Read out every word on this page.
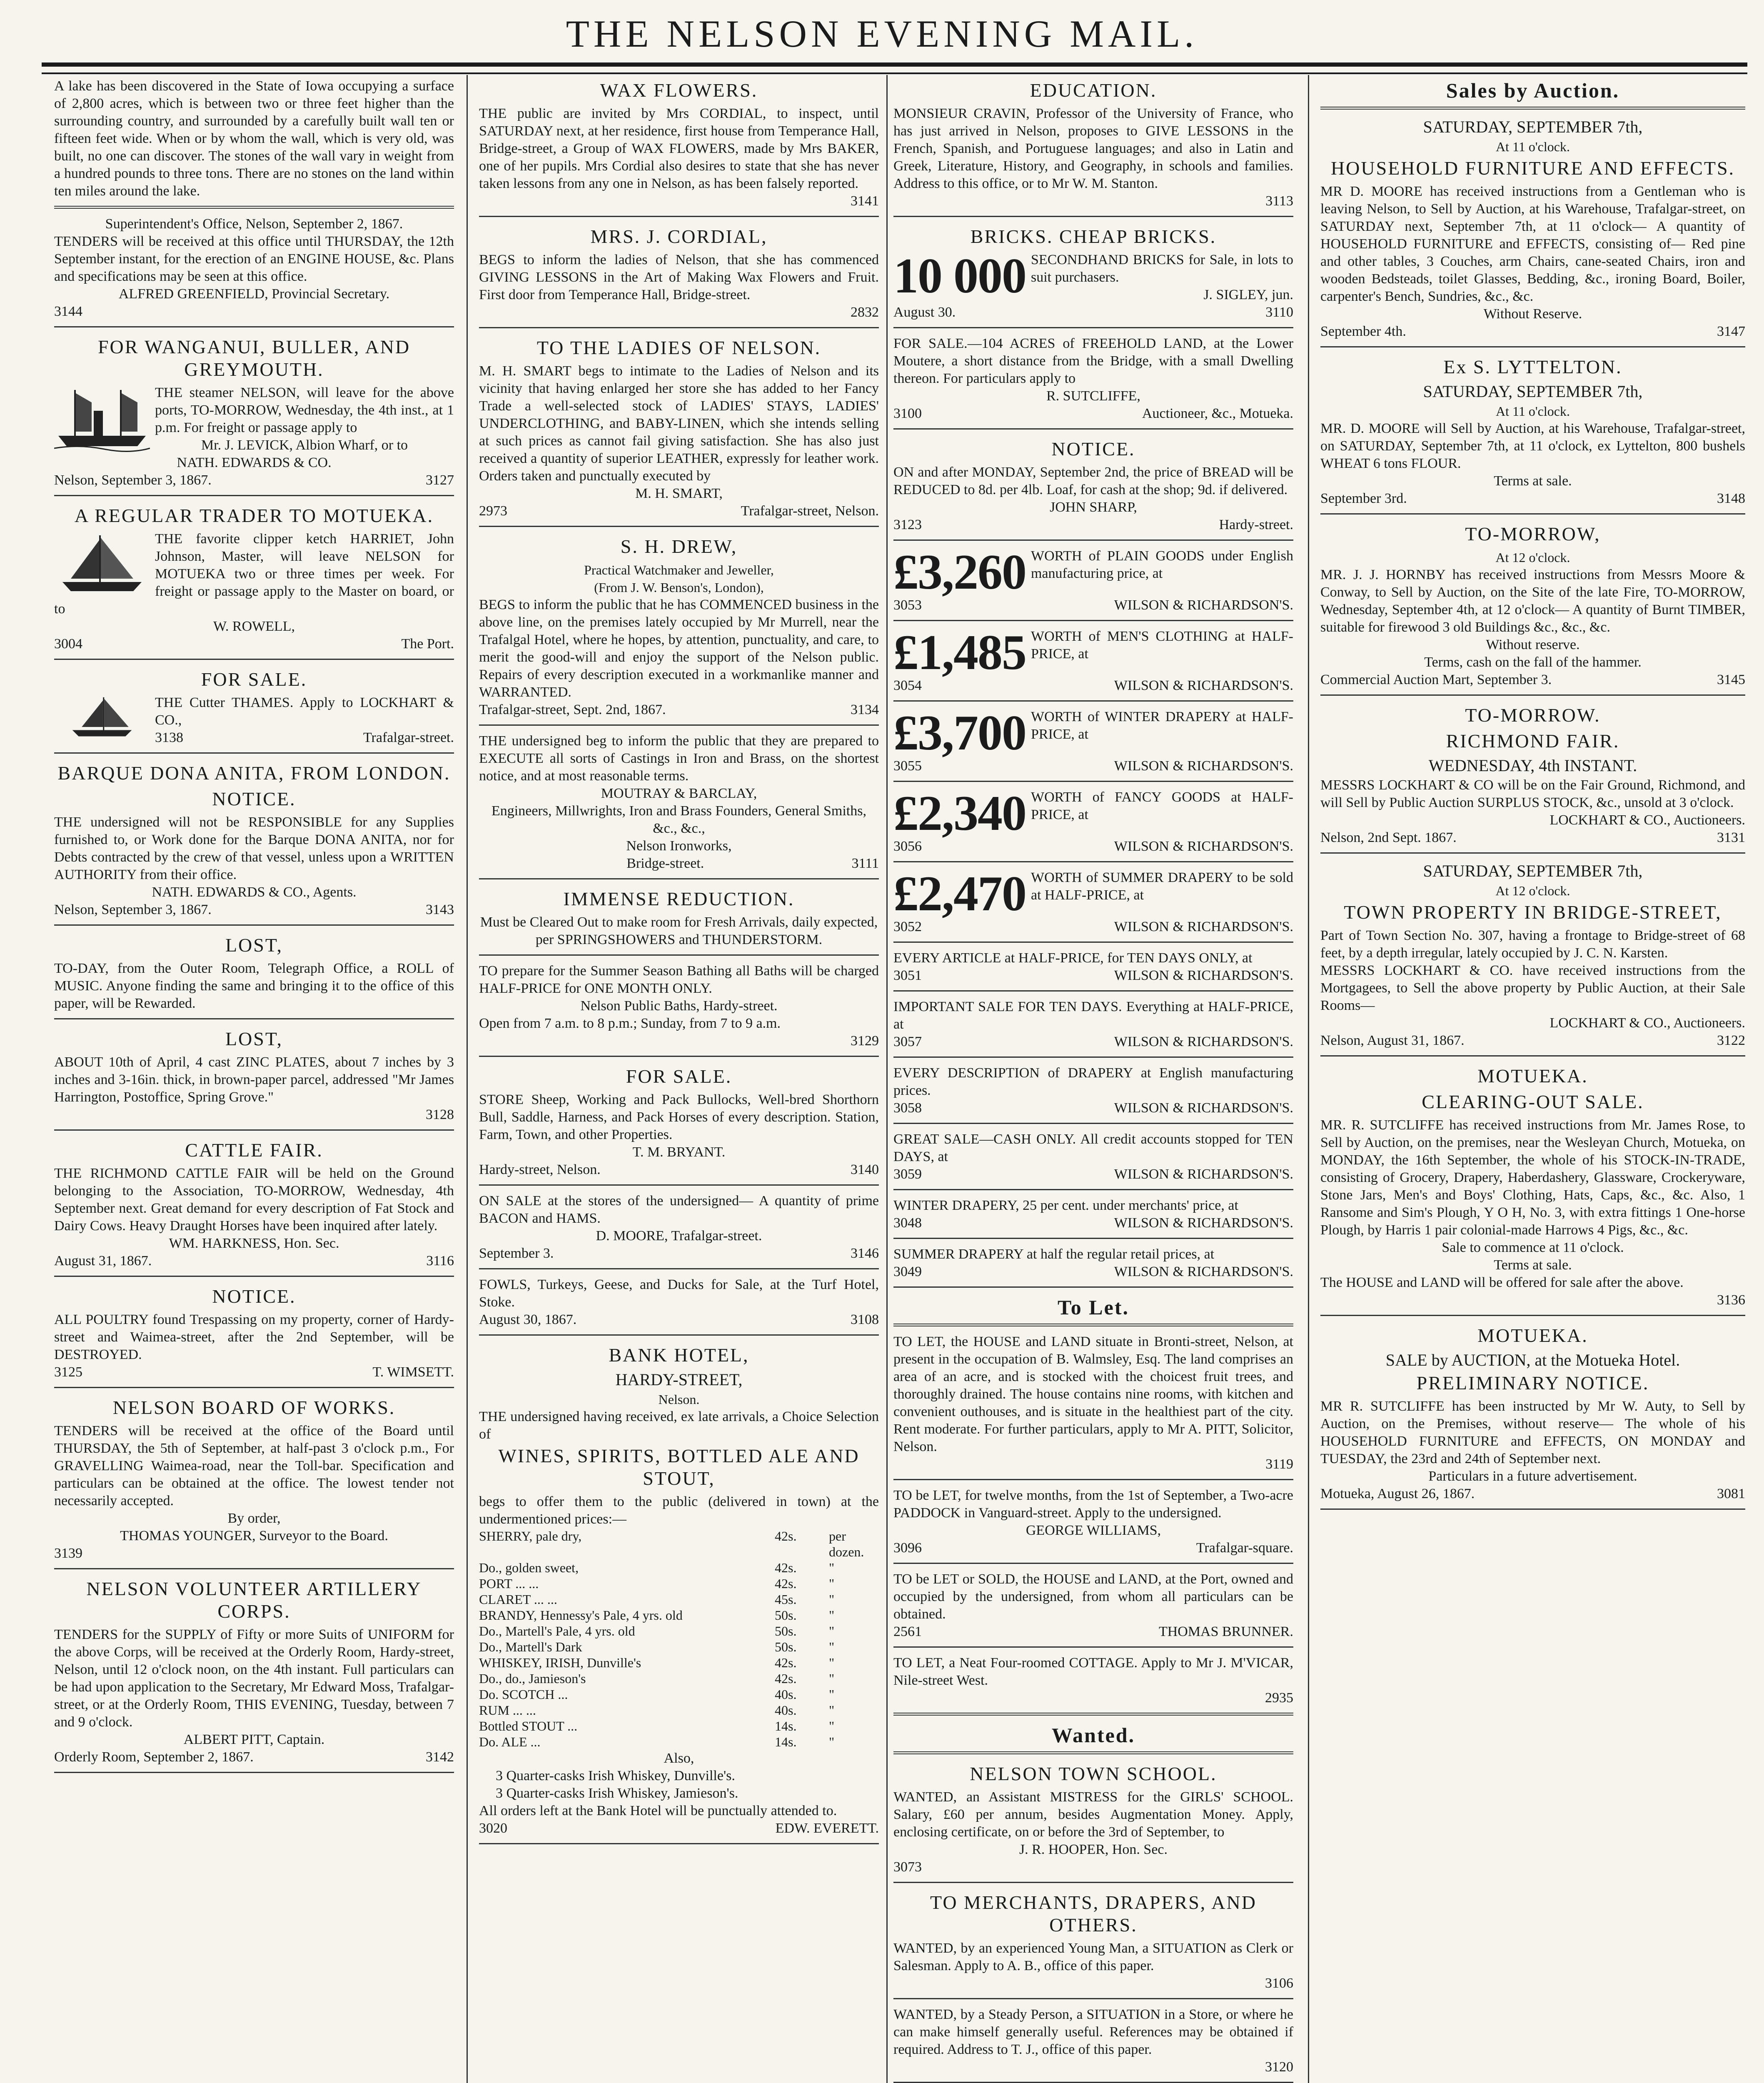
THE NELSON EVENING MAIL.

A lake has been discovered in the State of Iowa occupying a surface of 2,800 acres, which is between two or three feet higher than the surrounding country, and surrounded by a carefully built wall ten or fifteen feet wide. When or by whom the wall, which is very old, was built, no one can discover. The stones of the wall vary in weight from a hundred pounds to three tons. There are no stones on the land within ten miles around the lake.

Superintendent's Office, Nelson, September 2, 1867.

TENDERS will be received at this office until THURSDAY, the 12th September instant, for the erection of an ENGINE HOUSE, &c. Plans and specifications may be seen at this office.

ALFRED GREENFIELD, Provincial Secretary.
3144
FOR WANGANUI, BULLER, AND GREYMOUTH.

THE steamer NELSON, will leave for the above ports, TO-MORROW, Wednesday, the 4th inst., at 1 p.m. For freight or passage apply to

Mr. J. LEVICK, Albion Wharf, or to
NATH. EDWARDS & CO.
Nelson, September 3, 1867.	3127
A REGULAR TRADER TO MOTUEKA.

THE favorite clipper ketch HARRIET, John Johnson, Master, will leave NELSON for MOTUEKA two or three times per week. For freight or passage apply to the Master on board, or to

W. ROWELL,
3004	The Port.
FOR SALE.

THE Cutter THAMES. Apply to LOCKHART & CO.,

3138	Trafalgar-street.
BARQUE DONA ANITA, FROM LONDON.
NOTICE.

THE undersigned will not be RESPONSIBLE for any Supplies furnished to, or Work done for the Barque DONA ANITA, nor for Debts contracted by the crew of that vessel, unless upon a WRITTEN AUTHORITY from their office.

NATH. EDWARDS & CO., Agents.
Nelson, September 3, 1867.	3143
LOST,

TO-DAY, from the Outer Room, Telegraph Office, a ROLL of MUSIC. Anyone finding the same and bringing it to the office of this paper, will be Rewarded.

LOST,

ABOUT 10th of April, 4 cast ZINC PLATES, about 7 inches by 3 inches and 3-16in. thick, in brown-paper parcel, addressed "Mr James Harrington, Postoffice, Spring Grove."

3128
CATTLE FAIR.

THE RICHMOND CATTLE FAIR will be held on the Ground belonging to the Association, TO-MORROW, Wednesday, 4th September next. Great demand for every description of Fat Stock and Dairy Cows. Heavy Draught Horses have been inquired after lately.

WM. HARKNESS, Hon. Sec.
August 31, 1867.	3116
NOTICE.

ALL POULTRY found Trespassing on my property, corner of Hardy-street and Waimea-street, after the 2nd September, will be DESTROYED.

3125	T. WIMSETT.
NELSON BOARD OF WORKS.

TENDERS will be received at the office of the Board until THURSDAY, the 5th of September, at half-past 3 o'clock p.m., For GRAVELLING Waimea-road, near the Toll-bar. Specification and particulars can be obtained at the office. The lowest tender not necessarily accepted.

By order,
THOMAS YOUNGER, Surveyor to the Board.
3139
NELSON VOLUNTEER ARTILLERY CORPS.

TENDERS for the SUPPLY of Fifty or more Suits of UNIFORM for the above Corps, will be received at the Orderly Room, Hardy-street, Nelson, until 12 o'clock noon, on the 4th instant. Full particulars can be had upon application to the Secretary, Mr Edward Moss, Trafalgar-street, or at the Orderly Room, THIS EVENING, Tuesday, between 7 and 9 o'clock.

ALBERT PITT, Captain.
Orderly Room, September 2, 1867.	3142
WAX FLOWERS.

THE public are invited by Mrs CORDIAL, to inspect, until SATURDAY next, at her residence, first house from Temperance Hall, Bridge-street, a Group of WAX FLOWERS, made by Mrs BAKER, one of her pupils. Mrs Cordial also desires to state that she has never taken lessons from any one in Nelson, as has been falsely reported.

3141
MRS. J. CORDIAL,

BEGS to inform the ladies of Nelson, that she has commenced GIVING LESSONS in the Art of Making Wax Flowers and Fruit. First door from Temperance Hall, Bridge-street.

2832
TO THE LADIES OF NELSON.

M. H. SMART begs to intimate to the Ladies of Nelson and its vicinity that having enlarged her store she has added to her Fancy Trade a well-selected stock of LADIES' STAYS, LADIES' UNDERCLOTHING, and BABY-LINEN, which she intends selling at such prices as cannot fail giving satisfaction. She has also just received a quantity of superior LEATHER, expressly for leather work. Orders taken and punctually executed by

M. H. SMART,
2973	Trafalgar-street, Nelson.
S. H. DREW,
Practical Watchmaker and Jeweller,
(From J. W. Benson's, London),

BEGS to inform the public that he has COMMENCED business in the above line, on the premises lately occupied by Mr Murrell, near the Trafalgal Hotel, where he hopes, by attention, punctuality, and care, to merit the good-will and enjoy the support of the Nelson public. Repairs of every description executed in a workmanlike manner and WARRANTED.

Trafalgar-street, Sept. 2nd, 1867.	3134

THE undersigned beg to inform the public that they are prepared to EXECUTE all sorts of Castings in Iron and Brass, on the shortest notice, and at most reasonable terms.

MOUTRAY & BARCLAY,
Engineers, Millwrights, Iron and Brass Founders, General Smiths, &c., &c.,
Nelson Ironworks,
Bridge-street.	3111
IMMENSE REDUCTION.

Must be Cleared Out to make room for Fresh Arrivals, daily expected, per SPRINGSHOWERS and THUNDERSTORM.

TO prepare for the Summer Season Bathing all Baths will be charged HALF-PRICE for ONE MONTH ONLY.

Nelson Public Baths, Hardy-street.

Open from 7 a.m. to 8 p.m.; Sunday, from 7 to 9 a.m.

3129
FOR SALE.

STORE Sheep, Working and Pack Bullocks, Well-bred Shorthorn Bull, Saddle, Harness, and Pack Horses of every description. Station, Farm, Town, and other Properties.

T. M. BRYANT.
Hardy-street, Nelson.	3140

ON SALE at the stores of the undersigned— A quantity of prime BACON and HAMS.

D. MOORE, Trafalgar-street.
September 3.	3146

FOWLS, Turkeys, Geese, and Ducks for Sale, at the Turf Hotel, Stoke.

August 30, 1867.	3108
BANK HOTEL,
HARDY-STREET,
Nelson.

THE undersigned having received, ex late arrivals, a Choice Selection of

WINES, SPIRITS, BOTTLED ALE AND STOUT,

begs to offer them to the public (delivered in town) at the undermentioned prices:—

SHERRY, pale dry,	42s.	per dozen.
Do., golden sweet,	42s.	"
PORT ... ...	42s.	"
CLARET ... ...	45s.	"
BRANDY, Hennessy's Pale, 4 yrs. old	50s.	"
Do., Martell's Pale, 4 yrs. old	50s.	"
Do., Martell's Dark	50s.	"
WHISKEY, IRISH, Dunville's	42s.	"
Do., do., Jamieson's	42s.	"
Do. SCOTCH ...	40s.	"
RUM ... ...	40s.	"
Bottled STOUT ...	14s.	"
Do. ALE ...	14s.	"
Also,
3 Quarter-casks Irish Whiskey, Dunville's.
3 Quarter-casks Irish Whiskey, Jamieson's.

All orders left at the Bank Hotel will be punctually attended to.

3020	EDW. EVERETT.
EDUCATION.

MONSIEUR CRAVIN, Professor of the University of France, who has just arrived in Nelson, proposes to GIVE LESSONS in the French, Spanish, and Portuguese languages; and also in Latin and Greek, Literature, History, and Geography, in schools and families. Address to this office, or to Mr W. M. Stanton.

3113
BRICKS. CHEAP BRICKS.
10 000 SECONDHAND BRICKS for Sale, in lots to suit purchasers.

J. SIGLEY, jun.
August 30.	3110

FOR SALE.—104 ACRES of FREEHOLD LAND, at the Lower Moutere, a short distance from the Bridge, with a small Dwelling thereon. For particulars apply to

R. SUTCLIFFE,
3100	Auctioneer, &c., Motueka.
NOTICE.

ON and after MONDAY, September 2nd, the price of BREAD will be REDUCED to 8d. per 4lb. Loaf, for cash at the shop; 9d. if delivered.

JOHN SHARP,
3123	Hardy-street.
£3,260 WORTH of PLAIN GOODS under English manufacturing price, at

3053	WILSON & RICHARDSON'S.
£1,485 WORTH of MEN'S CLOTHING at HALF-PRICE, at

3054	WILSON & RICHARDSON'S.
£3,700 WORTH of WINTER DRAPERY at HALF-PRICE, at

3055	WILSON & RICHARDSON'S.
£2,340 WORTH of FANCY GOODS at HALF-PRICE, at

3056	WILSON & RICHARDSON'S.
£2,470 WORTH of SUMMER DRAPERY to be sold at HALF-PRICE, at

3052	WILSON & RICHARDSON'S.

EVERY ARTICLE at HALF-PRICE, for TEN DAYS ONLY, at

3051	WILSON & RICHARDSON'S.

IMPORTANT SALE FOR TEN DAYS. Everything at HALF-PRICE, at

3057	WILSON & RICHARDSON'S.

EVERY DESCRIPTION of DRAPERY at English manufacturing prices.

3058	WILSON & RICHARDSON'S.

GREAT SALE—CASH ONLY. All credit accounts stopped for TEN DAYS, at

3059	WILSON & RICHARDSON'S.

WINTER DRAPERY, 25 per cent. under merchants' price, at

3048	WILSON & RICHARDSON'S.

SUMMER DRAPERY at half the regular retail prices, at

3049	WILSON & RICHARDSON'S.
To Let.

TO LET, the HOUSE and LAND situate in Bronti-street, Nelson, at present in the occupation of B. Walmsley, Esq. The land comprises an area of an acre, and is stocked with the choicest fruit trees, and thoroughly drained. The house contains nine rooms, with kitchen and convenient outhouses, and is situate in the healthiest part of the city. Rent moderate. For further particulars, apply to Mr A. PITT, Solicitor, Nelson.

3119

TO be LET, for twelve months, from the 1st of September, a Two-acre PADDOCK in Vanguard-street. Apply to the undersigned.

GEORGE WILLIAMS,
3096	Trafalgar-square.

TO be LET or SOLD, the HOUSE and LAND, at the Port, owned and occupied by the undersigned, from whom all particulars can be obtained.

2561	THOMAS BRUNNER.

TO LET, a Neat Four-roomed COTTAGE. Apply to Mr J. M'VICAR, Nile-street West.

2935
Wanted.
NELSON TOWN SCHOOL.

WANTED, an Assistant MISTRESS for the GIRLS' SCHOOL. Salary, £60 per annum, besides Augmentation Money. Apply, enclosing certificate, on or before the 3rd of September, to

J. R. HOOPER, Hon. Sec.
3073
TO MERCHANTS, DRAPERS, AND OTHERS.

WANTED, by an experienced Young Man, a SITUATION as Clerk or Salesman. Apply to A. B., office of this paper.

3106

WANTED, by a Steady Person, a SITUATION in a Store, or where he can make himself generally useful. References may be obtained if required. Address to T. J., office of this paper.

3120
Sales by Auction.
SATURDAY, SEPTEMBER 7th,
At 11 o'clock.
HOUSEHOLD FURNITURE AND EFFECTS.

MR D. MOORE has received instructions from a Gentleman who is leaving Nelson, to Sell by Auction, at his Warehouse, Trafalgar-street, on SATURDAY next, September 7th, at 11 o'clock— A quantity of HOUSEHOLD FURNITURE and EFFECTS, consisting of— Red pine and other tables, 3 Couches, arm Chairs, cane-seated Chairs, iron and wooden Bedsteads, toilet Glasses, Bedding, &c., ironing Board, Boiler, carpenter's Bench, Sundries, &c., &c.

Without Reserve.
September 4th.	3147
Ex S. LYTTELTON.
SATURDAY, SEPTEMBER 7th,
At 11 o'clock.

MR. D. MOORE will Sell by Auction, at his Warehouse, Trafalgar-street, on SATURDAY, September 7th, at 11 o'clock, ex Lyttelton, 800 bushels WHEAT 6 tons FLOUR.

Terms at sale.
September 3rd.	3148
TO-MORROW,
At 12 o'clock.

MR. J. J. HORNBY has received instructions from Messrs Moore & Conway, to Sell by Auction, on the Site of the late Fire, TO-MORROW, Wednesday, September 4th, at 12 o'clock— A quantity of Burnt TIMBER, suitable for firewood 3 old Buildings &c., &c., &c.

Without reserve.
Terms, cash on the fall of the hammer.
Commercial Auction Mart, September 3.	3145
TO-MORROW.
RICHMOND FAIR.
WEDNESDAY, 4th INSTANT.

MESSRS LOCKHART & CO will be on the Fair Ground, Richmond, and will Sell by Public Auction SURPLUS STOCK, &c., unsold at 3 o'clock.

LOCKHART & CO., Auctioneers.
Nelson, 2nd Sept. 1867.	3131
SATURDAY, SEPTEMBER 7th,
At 12 o'clock.
TOWN PROPERTY IN BRIDGE-STREET,

Part of Town Section No. 307, having a frontage to Bridge-street of 68 feet, by a depth irregular, lately occupied by J. C. N. Karsten.

MESSRS LOCKHART & CO. have received instructions from the Mortgagees, to Sell the above property by Public Auction, at their Sale Rooms—

LOCKHART & CO., Auctioneers.
Nelson, August 31, 1867.	3122
MOTUEKA.
CLEARING-OUT SALE.

MR. R. SUTCLIFFE has received instructions from Mr. James Rose, to Sell by Auction, on the premises, near the Wesleyan Church, Motueka, on MONDAY, the 16th September, the whole of his STOCK-IN-TRADE, consisting of Grocery, Drapery, Haberdashery, Glassware, Crockeryware, Stone Jars, Men's and Boys' Clothing, Hats, Caps, &c., &c. Also, 1 Ransome and Sim's Plough, Y O H, No. 3, with extra fittings 1 One-horse Plough, by Harris 1 pair colonial-made Harrows 4 Pigs, &c., &c.

Sale to commence at 11 o'clock.
Terms at sale.

The HOUSE and LAND will be offered for sale after the above.

3136
MOTUEKA.
SALE by AUCTION, at the Motueka Hotel.
PRELIMINARY NOTICE.

MR R. SUTCLIFFE has been instructed by Mr W. Auty, to Sell by Auction, on the Premises, without reserve— The whole of his HOUSEHOLD FURNITURE and EFFECTS, ON MONDAY and TUESDAY, the 23rd and 24th of September next.

Particulars in a future advertisement.
Motueka, August 26, 1867.	3081
